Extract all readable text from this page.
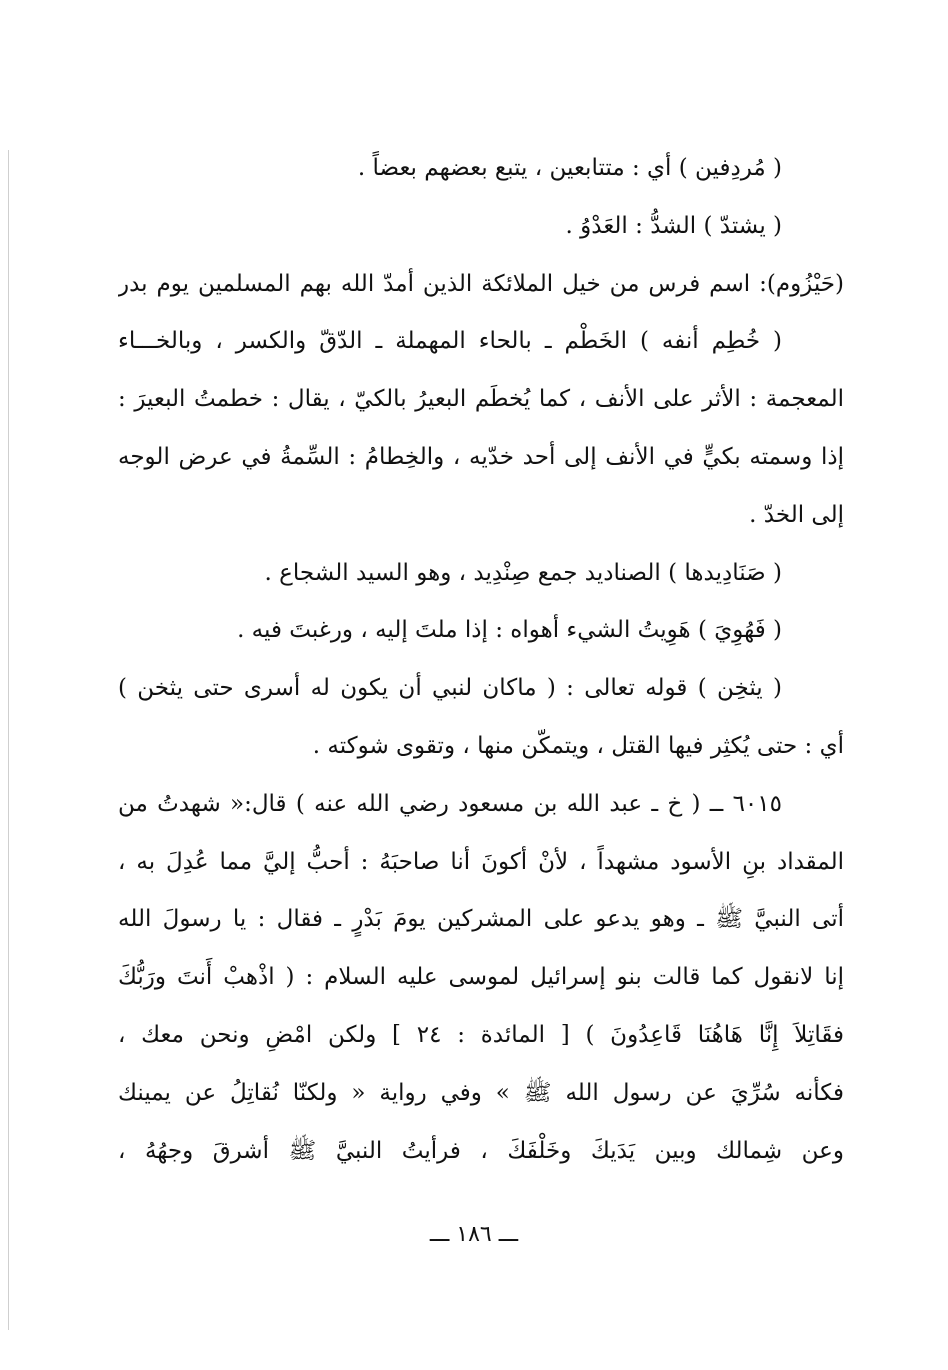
( مُردِفين ) أي : متتابعين ، يتبع بعضهم بعضاً .
( يشتدّ ) الشدُّ : العَدْوُ .
(حَيْزُوم): اسم فرس من خيل الملائكة الذين أمدّ الله بهم المسلمين يوم بدر
( خُطِم أنفه ) الخَطْم ـ بالحاء المهملة ـ الدّقّ والكسر ، وبالخـــاء
المعجمة : الأثر على الأنف ، كما يُخطَم البعيرُ بالكيّ ، يقال : خطمتُ البعيرَ :
إذا وسمته بكيٍّ في الأنف إلى أحد خدّيه ، والخِطامُ : السِّمةُ في عرض الوجه
إلى الخدّ .
( صَنَادِيدها ) الصناديد جمع صِنْدِيد ، وهو السيد الشجاع .
( فَهُوِيَ ) هَوِيتُ الشيء أهواه : إذا ملتَ إليه ، ورغبتَ فيه .
( يثخِن ) قوله تعالى : ( ماكان لنبي أن يكون له أسرى حتى يثخن )
أي : حتى يُكثِر فيها القتل ، ويتمكّن منها ، وتقوى شوكته .
٦٠١٥ ــ ( خ ـ عبد الله بن مسعود رضي الله عنه ) قال:« شهدتُ من
المقداد بنِ الأسود مشهداً ، لأنْ أكونَ أنا صاحبَهُ : أحبُّ إليَّ مما عُدِلَ به ،
أتى النبيَّ ﷺ ـ وهو يدعو على المشركين يومَ بَدْرٍ ـ فقال : يا رسولَ الله
إنا لانقول كما قالت بنو إسرائيل لموسى عليه السلام : ( اذْهبْ أَنتَ ورَبُّكَ
فقَاتِلاَ إِنَّا هَاهُنَا قَاعِدُونَ ) [ المائدة : ٢٤ ] ولكن امْضِ ونحن معك ،
فكأنه سُرِّيَ عن رسول الله ﷺ » وفي رواية « ولكنّا نُقاتِلُ عن يمينك
وعن شِمالك وبين يَدَيكَ وخَلْفَكَ ، فرأيتُ النبيَّ ﷺ أشرقَ وجهُهُ ،
ـــ ١٨٦ ـــ
